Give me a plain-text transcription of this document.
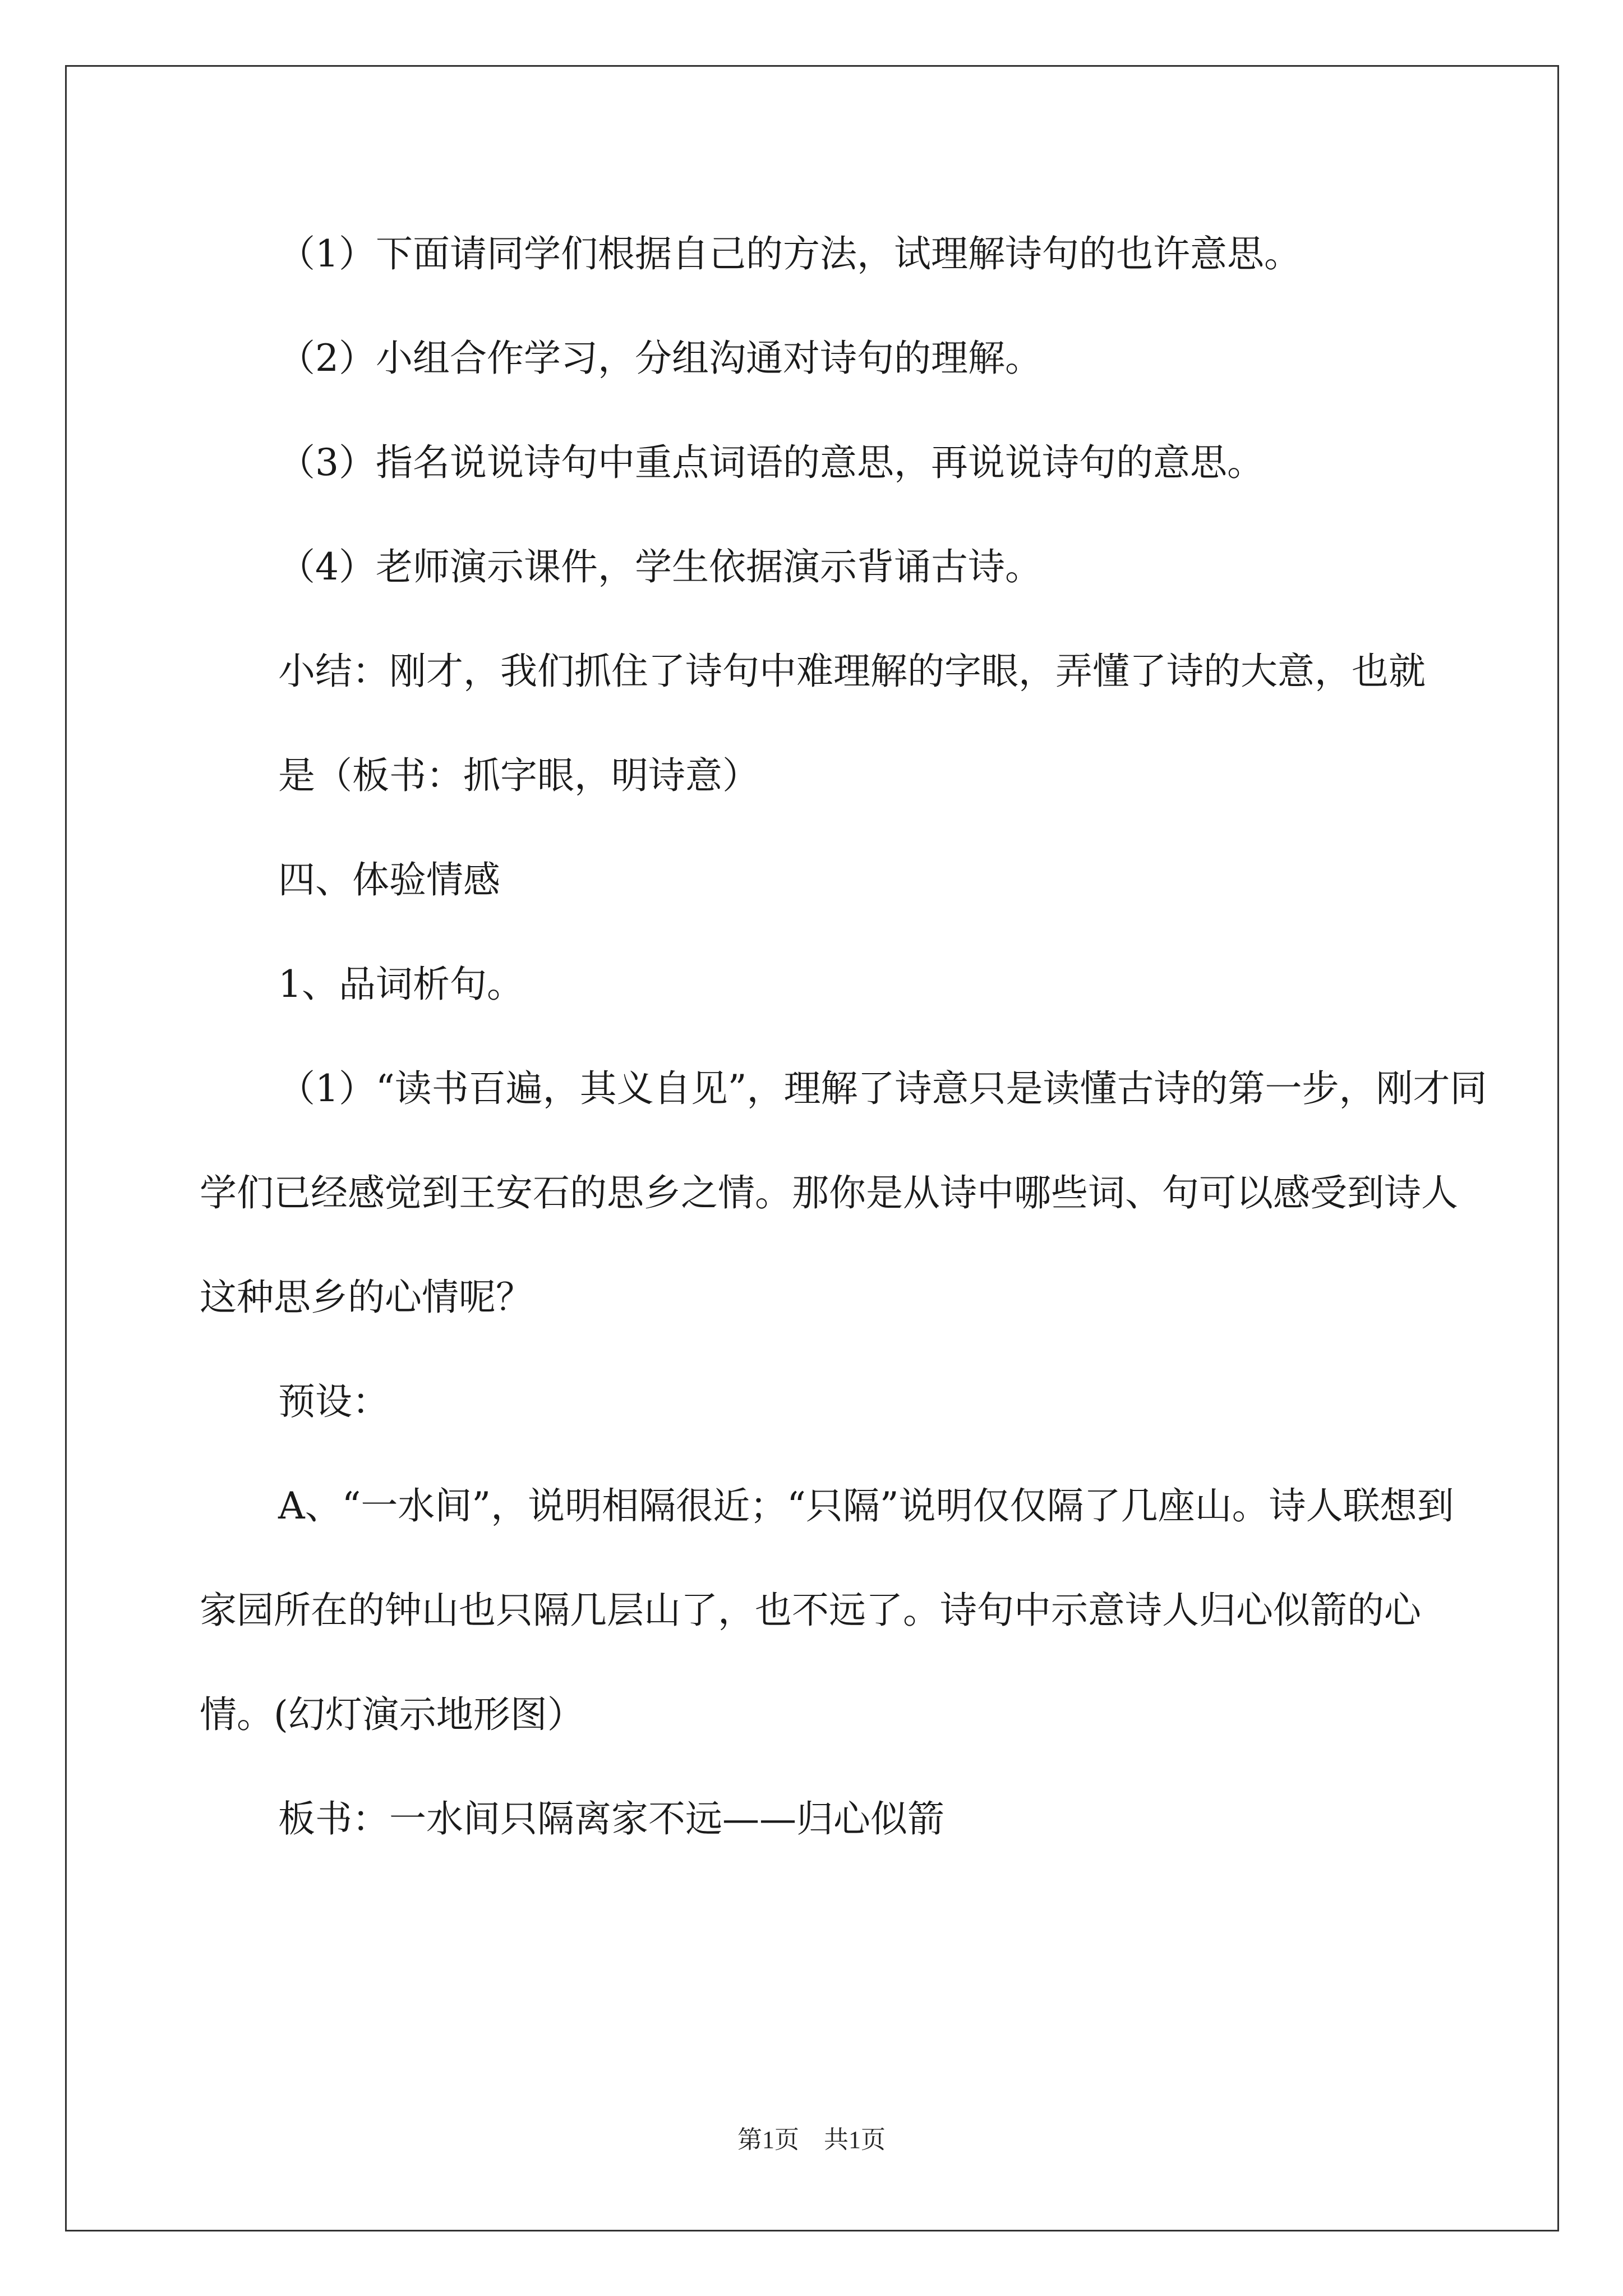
（1）下面请同学们根据自己的方法，试理解诗句的也许意思。

（2）小组合作学习，分组沟通对诗句的理解。

（3）指名说说诗句中重点词语的意思，再说说诗句的意思。

（4）老师演示课件，学生依据演示背诵古诗。

小结：刚才，我们抓住了诗句中难理解的字眼，弄懂了诗的大意，也就

是（板书：抓字眼，明诗意）

四、体验情感

1、品词析句。

（1）“读书百遍，其义自见”，理解了诗意只是读懂古诗的第一步，刚才同学们已经感觉到王安石的思乡之情。那你是从诗中哪些词、句可以感受到诗人这种思乡的心情呢？

预设：

A、“一水间”，说明相隔很近；“只隔”说明仅仅隔了几座山。诗人联想到家园所在的钟山也只隔几层山了，也不远了。诗句中示意诗人归心似箭的心情。(幻灯演示地形图）

板书：一水间只隔离家不远——归心似箭

第1页　共1页
